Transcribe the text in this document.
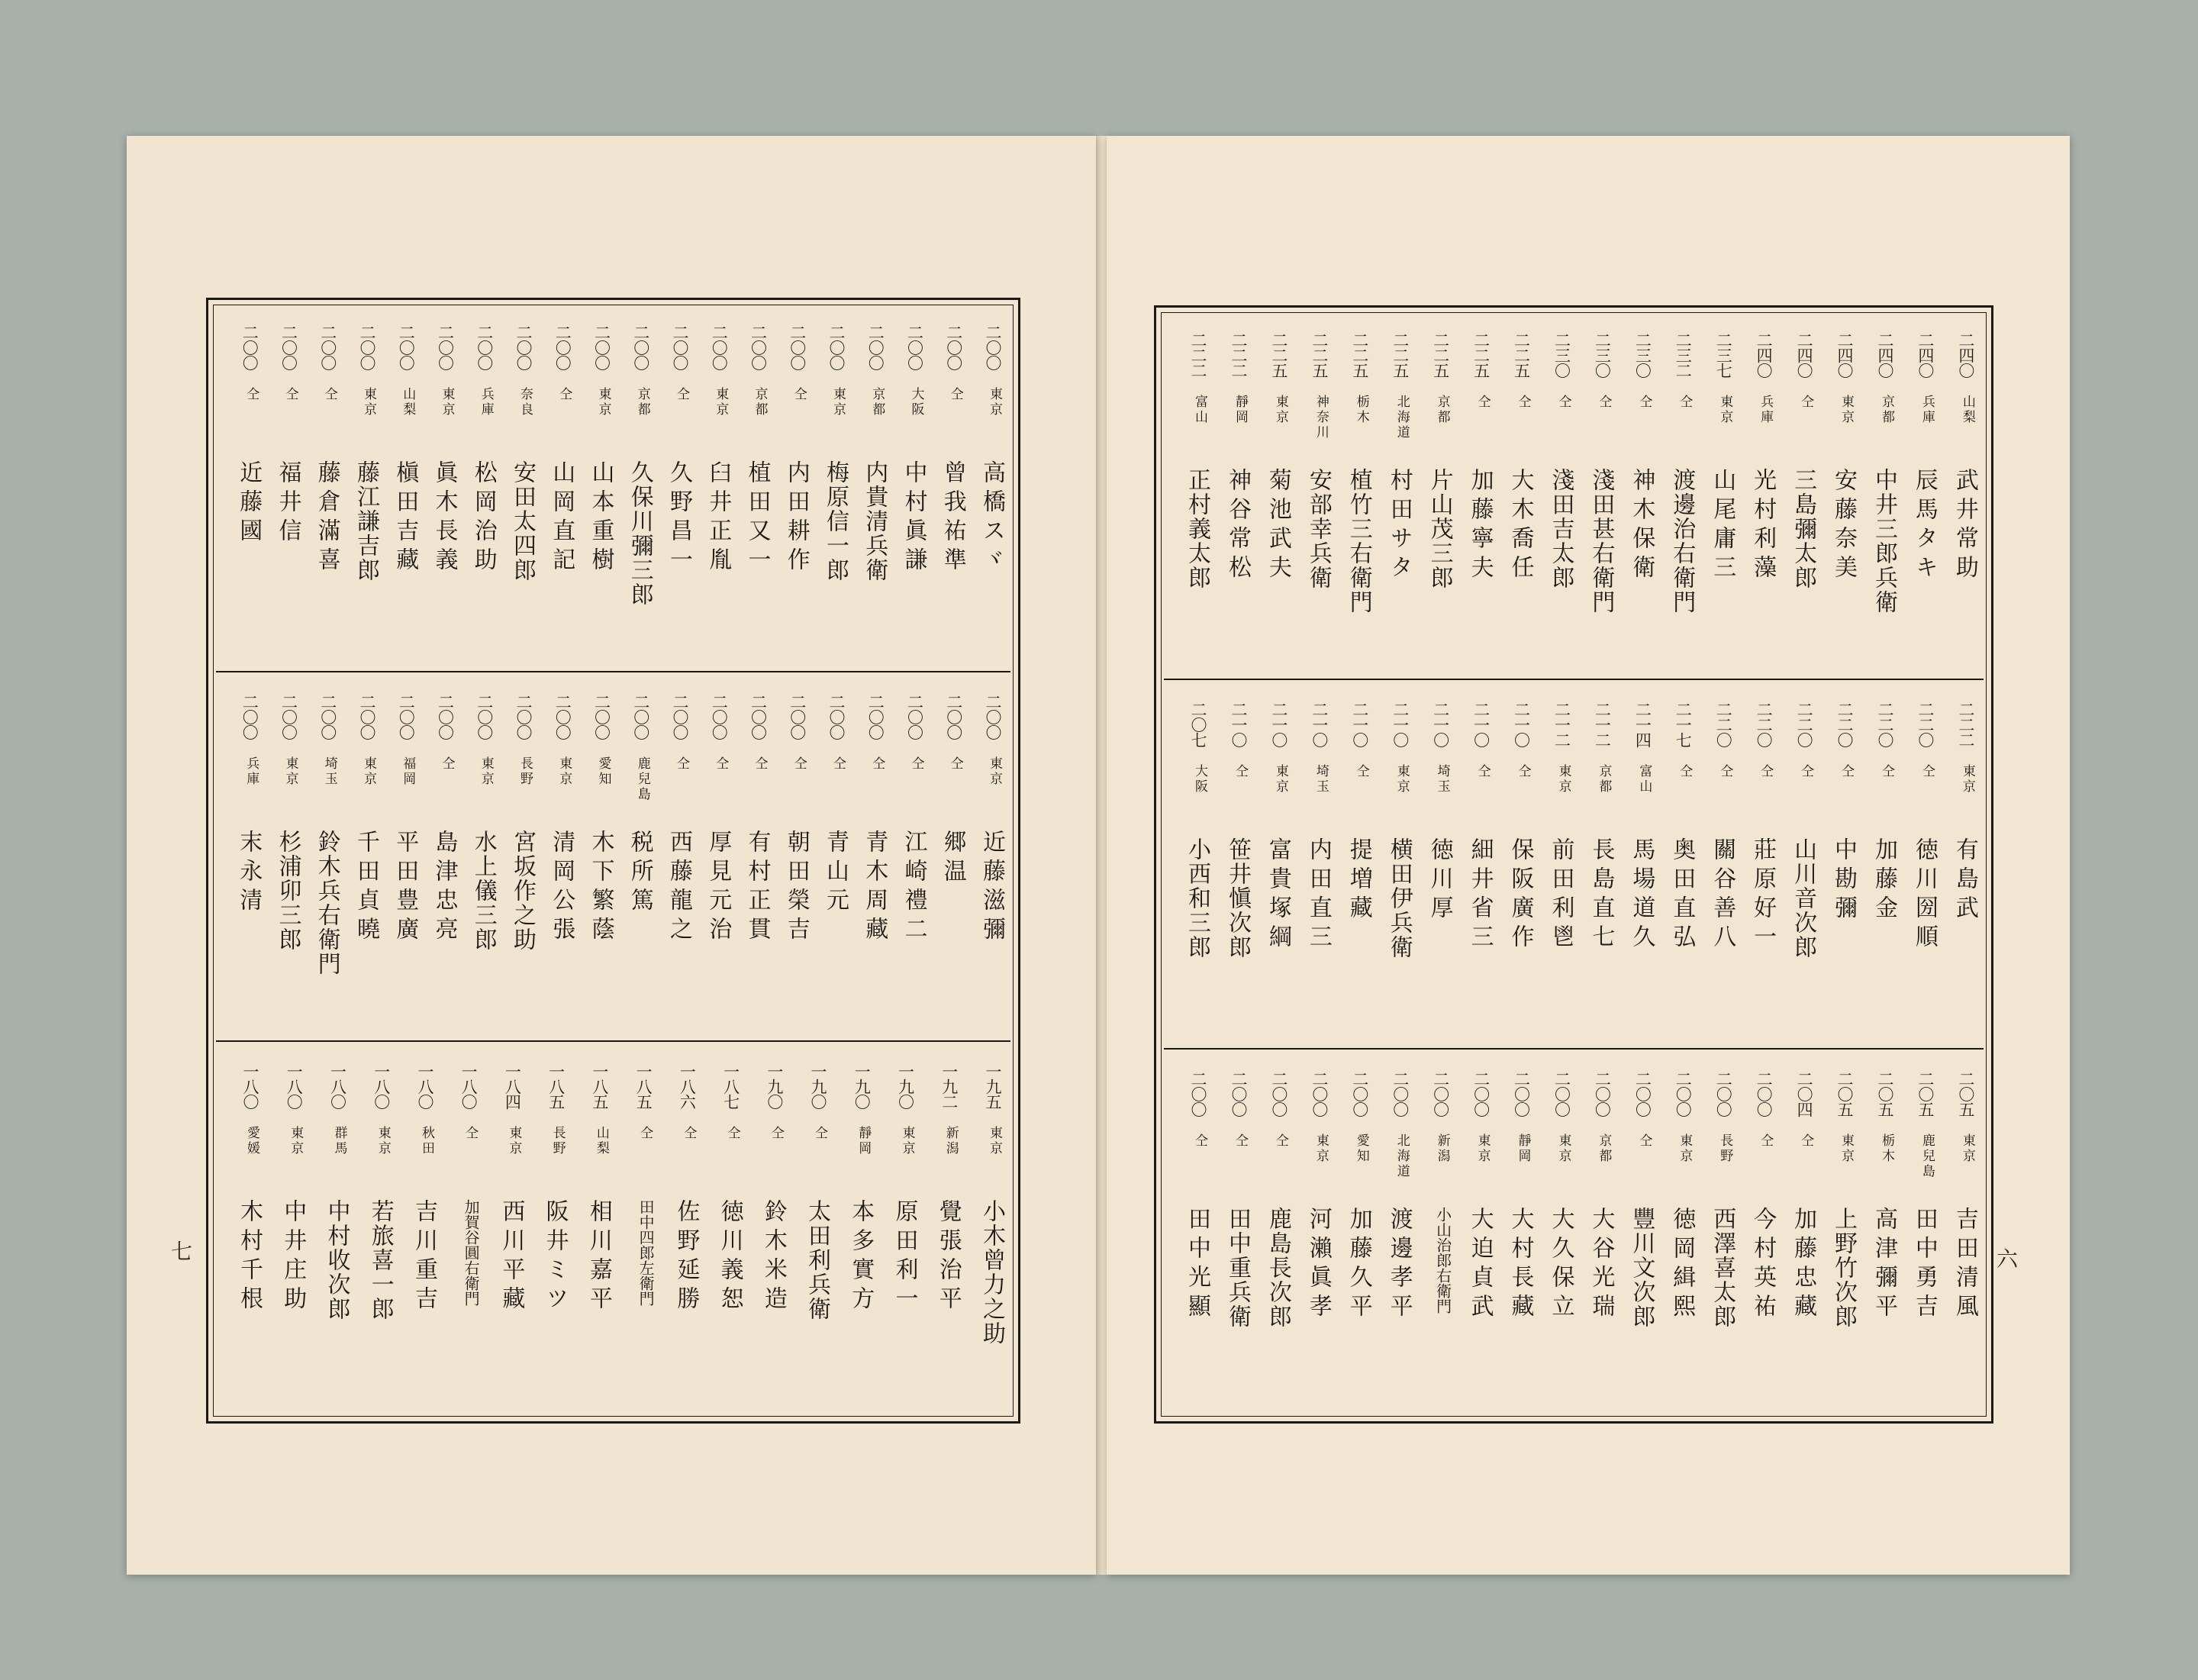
二〇〇
東京
高橋スヾ
二〇〇
仝
曾我祐準
二〇〇
大阪
中村眞謙
二〇〇
京都
内貴清兵衛
二〇〇
東京
梅原信一郎
二〇〇
仝
内田耕作
二〇〇
京都
植田又一
二〇〇
東京
臼井正胤
二〇〇
仝
久野昌一
二〇〇
京都
久保川彌三郎
二〇〇
東京
山本重樹
二〇〇
仝
山岡直記
二〇〇
奈良
安田太四郎
二〇〇
兵庫
松岡治助
二〇〇
東京
眞木長義
二〇〇
山梨
槇田吉藏
二〇〇
東京
藤江謙吉郎
二〇〇
仝
藤倉滿喜
二〇〇
仝
福井信
二〇〇
仝
近藤國
二〇〇
東京
近藤滋彌
二〇〇
仝
郷温
二〇〇
仝
江崎禮二
二〇〇
仝
青木周藏
二〇〇
仝
青山元
二〇〇
仝
朝田榮吉
二〇〇
仝
有村正貫
二〇〇
仝
厚見元治
二〇〇
仝
西藤龍之
二〇〇
鹿兒島
税所篤
二〇〇
愛知
木下繁蔭
二〇〇
東京
清岡公張
二〇〇
長野
宮坂作之助
二〇〇
東京
水上儀三郎
二〇〇
仝
島津忠亮
二〇〇
福岡
平田豊廣
二〇〇
東京
千田貞曉
二〇〇
埼玉
鈴木兵右衛門
二〇〇
東京
杉浦卯三郎
二〇〇
兵庫
末永清
一九五
東京
小木曾力之助
一九二
新潟
覺張治平
一九〇
東京
原田利一
一九〇
靜岡
本多實方
一九〇
仝
太田利兵衛
一九〇
仝
鈴木米造
一八七
仝
徳川義恕
一八六
仝
佐野延勝
一八五
仝
田中四郎左衛門
一八五
山梨
相川嘉平
一八五
長野
阪井ミツ
一八四
東京
西川平藏
一八〇
仝
加賀谷圓右衛門
一八〇
秋田
吉川重吉
一八〇
東京
若旅喜一郎
一八〇
群馬
中村收次郎
一八〇
東京
中井庄助
一八〇
愛媛
木村千根
七
二四〇
山梨
武井常助
二四〇
兵庫
辰馬タキ
二四〇
京都
中井三郎兵衛
二四〇
東京
安藤奈美
二四〇
仝
三島彌太郎
二四〇
兵庫
光村利藻
二三七
東京
山尾庸三
二三二
仝
渡邊治右衛門
二三〇
仝
神木保衛
二三〇
仝
淺田甚右衛門
二三〇
仝
淺田吉太郎
二二五
仝
大木喬任
二二五
仝
加藤寧夫
二二五
京都
片山茂三郎
二二五
北海道
村田サタ
二二五
栃木
植竹三右衛門
二二五
神奈川
安部幸兵衛
二二五
東京
菊池武夫
二二二
靜岡
神谷常松
二二二
富山
正村義太郎
二二二
東京
有島武
二二〇
仝
徳川圀順
二二〇
仝
加藤金
二二〇
仝
中勘彌
二二〇
仝
山川音次郎
二二〇
仝
莊原好一
二二〇
仝
關谷善八
二一七
仝
奥田直弘
二一四
富山
馬場道久
二一二
京都
長島直七
二一二
東京
前田利鬯
二一〇
仝
保阪廣作
二一〇
仝
細井省三
二一〇
埼玉
徳川厚
二一〇
東京
横田伊兵衛
二一〇
仝
提増藏
二一〇
埼玉
内田直三
二一〇
東京
富貴塚綱
二一〇
仝
笹井愼次郎
二〇七
大阪
小西和三郎
二〇五
東京
吉田清風
二〇五
鹿兒島
田中勇吉
二〇五
栃木
高津彌平
二〇五
東京
上野竹次郎
二〇四
仝
加藤忠藏
二〇〇
仝
今村英祐
二〇〇
長野
西澤喜太郎
二〇〇
東京
徳岡緝熙
二〇〇
仝
豐川文次郎
二〇〇
京都
大谷光瑞
二〇〇
東京
大久保立
二〇〇
靜岡
大村長藏
二〇〇
東京
大迫貞武
二〇〇
新潟
小山治郎右衛門
二〇〇
北海道
渡邊孝平
二〇〇
愛知
加藤久平
二〇〇
東京
河瀨眞孝
二〇〇
仝
鹿島長次郎
二〇〇
仝
田中重兵衛
二〇〇
仝
田中光顯	六
